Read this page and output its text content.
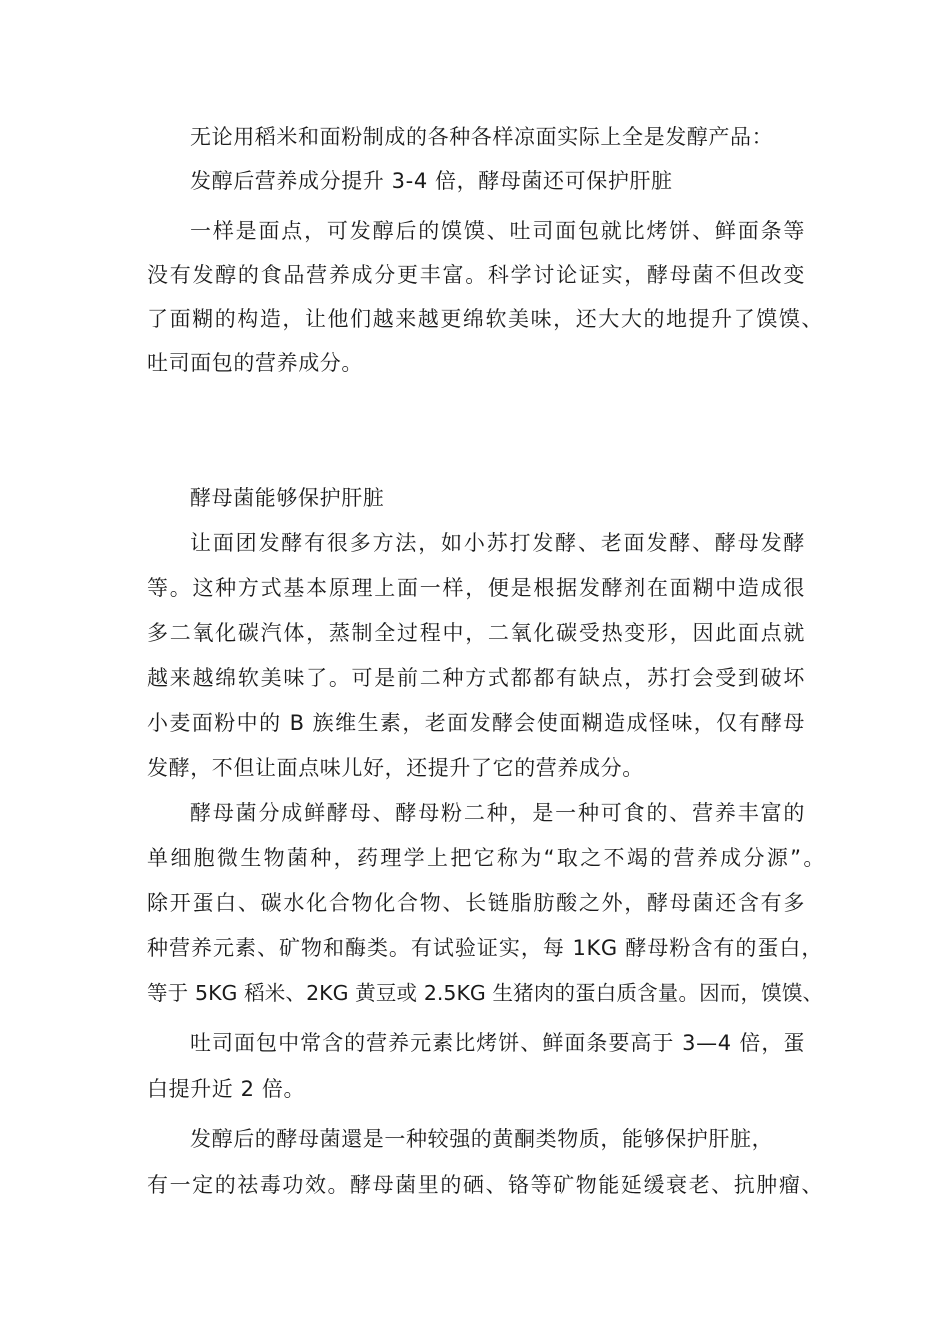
无论用稻米和面粉制成的各种各样凉面实际上全是发醇产品：
发醇后营养成分提升 3-4 倍，酵母菌还可保护肝脏
一样是面点，可发醇后的馍馍、吐司面包就比烤饼、鲜面条等
没有发醇的食品营养成分更丰富。科学讨论证实，酵母菌不但改变
了面糊的构造，让他们越来越更绵软美味，还大大的地提升了馍馍、
吐司面包的营养成分。
酵母菌能够保护肝脏
让面团发酵有很多方法，如小苏打发酵、老面发酵、酵母发酵
等。这种方式基本原理上面一样，便是根据发酵剂在面糊中造成很
多二氧化碳汽体，蒸制全过程中，二氧化碳受热变形，因此面点就
越来越绵软美味了。可是前二种方式都都有缺点，苏打会受到破坏
小麦面粉中的 B 族维生素，老面发酵会使面糊造成怪味，仅有酵母
发酵，不但让面点味儿好，还提升了它的营养成分。
酵母菌分成鲜酵母、酵母粉二种，是一种可食的、营养丰富的
单细胞微生物菌种，药理学上把它称为“取之不竭的营养成分源”。
除开蛋白、碳水化合物化合物、长链脂肪酸之外，酵母菌还含有多
种营养元素、矿物和酶类。有试验证实，每 1KG 酵母粉含有的蛋白，
等于 5KG 稻米、2KG 黄豆或 2.5KG 生猪肉的蛋白质含量。因而，馍馍、
吐司面包中常含的营养元素比烤饼、鲜面条要高于 3—4 倍，蛋
白提升近 2 倍。
发醇后的酵母菌還是一种较强的黄酮类物质，能够保护肝脏，
有一定的祛毒功效。酵母菌里的硒、铬等矿物能延缓衰老、抗肿瘤、
